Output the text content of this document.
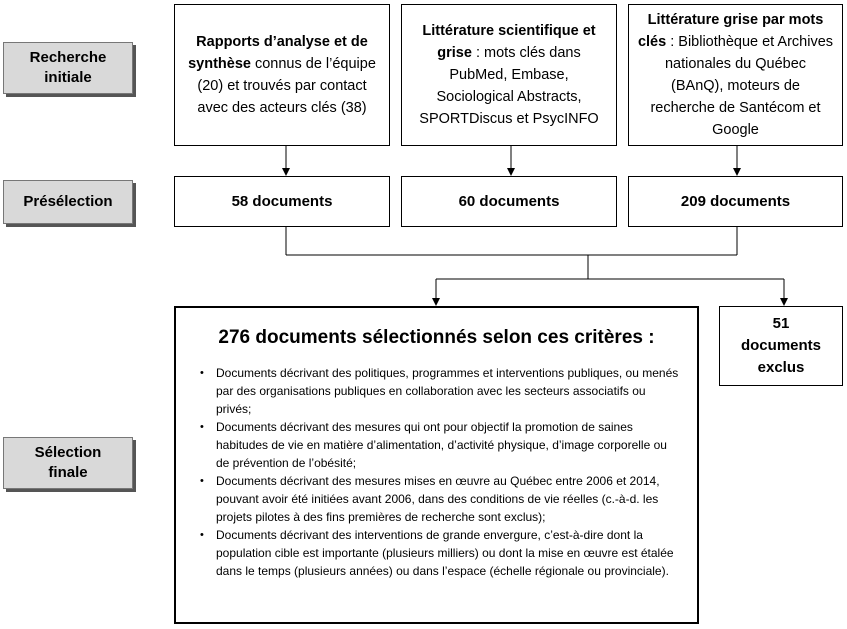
Recherche initiale
Présélection
Sélection finale
Rapports d’analyse et de synthèse connus de l’équipe (20) et trouvés par contact avec des acteurs clés (38)
Littérature scientifique et grise : mots clés dans PubMed, Embase, Sociological Abstracts, SPORTDiscus et PsycINFO
Littérature grise par mots clés : Bibliothèque et Archives nationales du Québec (BAnQ), moteurs de recherche de Santécom et Google
58 documents	60 documents	209 documents
276 documents sélectionnés selon ces critères :
• Documents décrivant des politiques, programmes et interventions publiques, ou menés par des organisations publiques en collaboration avec les secteurs associatifs ou privés;
• Documents décrivant des mesures qui ont pour objectif la promotion de saines habitudes de vie en matière d’alimentation, d’activité physique, d’image corporelle ou de prévention de l’obésité;
• Documents décrivant des mesures mises en œuvre au Québec entre 2006 et 2014, pouvant avoir été initiées avant 2006, dans des conditions de vie réelles (c.-à-d. les projets pilotes à des fins premières de recherche sont exclus);
• Documents décrivant des interventions de grande envergure, c’est-à-dire dont la population cible est importante (plusieurs milliers) ou dont la mise en œuvre est étalée dans le temps (plusieurs années) ou dans l’espace (échelle régionale ou provinciale).
51
documents exclus
